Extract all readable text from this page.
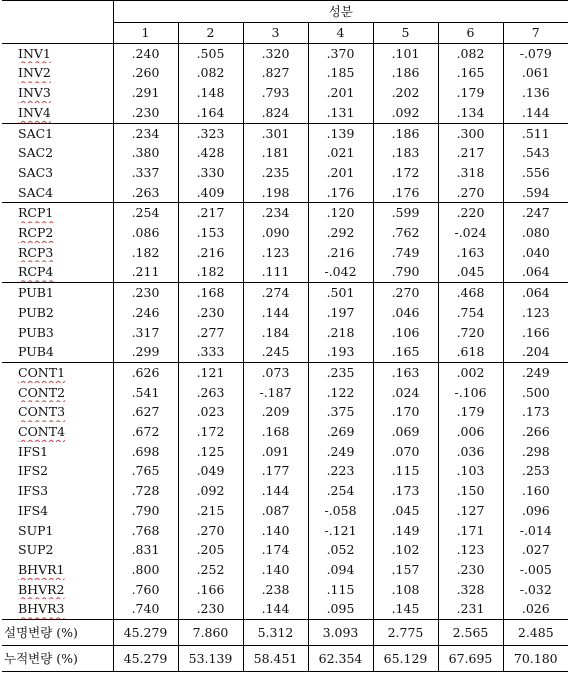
	성분						
	1	2	3	4	5	6	7
INV1	.240	.505	.320	.370	.101	.082	-.079
INV2	.260	.082	.827	.185	.186	.165	.061
INV3	.291	.148	.793	.201	.202	.179	.136
INV4	.230	.164	.824	.131	.092	.134	.144
SAC1	.234	.323	.301	.139	.186	.300	.511
SAC2	.380	.428	.181	.021	.183	.217	.543
SAC3	.337	.330	.235	.201	.172	.318	.556
SAC4	.263	.409	.198	.176	.176	.270	.594
RCP1	.254	.217	.234	.120	.599	.220	.247
RCP2	.086	.153	.090	.292	.762	-.024	.080
RCP3	.182	.216	.123	.216	.749	.163	.040
RCP4	.211	.182	.111	-.042	.790	.045	.064
PUB1	.230	.168	.274	.501	.270	.468	.064
PUB2	.246	.230	.144	.197	.046	.754	.123
PUB3	.317	.277	.184	.218	.106	.720	.166
PUB4	.299	.333	.245	.193	.165	.618	.204
CONT1	.626	.121	.073	.235	.163	.002	.249
CONT2	.541	.263	-.187	.122	.024	-.106	.500
CONT3	.627	.023	.209	.375	.170	.179	.173
CONT4	.672	.172	.168	.269	.069	.006	.266
IFS1	.698	.125	.091	.249	.070	.036	.298
IFS2	.765	.049	.177	.223	.115	.103	.253
IFS3	.728	.092	.144	.254	.173	.150	.160
IFS4	.790	.215	.087	-.058	.045	.127	.096
SUP1	.768	.270	.140	-.121	.149	.171	-.014
SUP2	.831	.205	.174	.052	.102	.123	.027
BHVR1	.800	.252	.140	.094	.157	.230	-.005
BHVR2	.760	.166	.238	.115	.108	.328	-.032
BHVR3	.740	.230	.144	.095	.145	.231	.026
설명변량 (%)	45.279	7.860	5.312	3.093	2.775	2.565	2.485
누적변량 (%)	45.279	53.139	58.451	62.354	65.129	67.695	70.180
